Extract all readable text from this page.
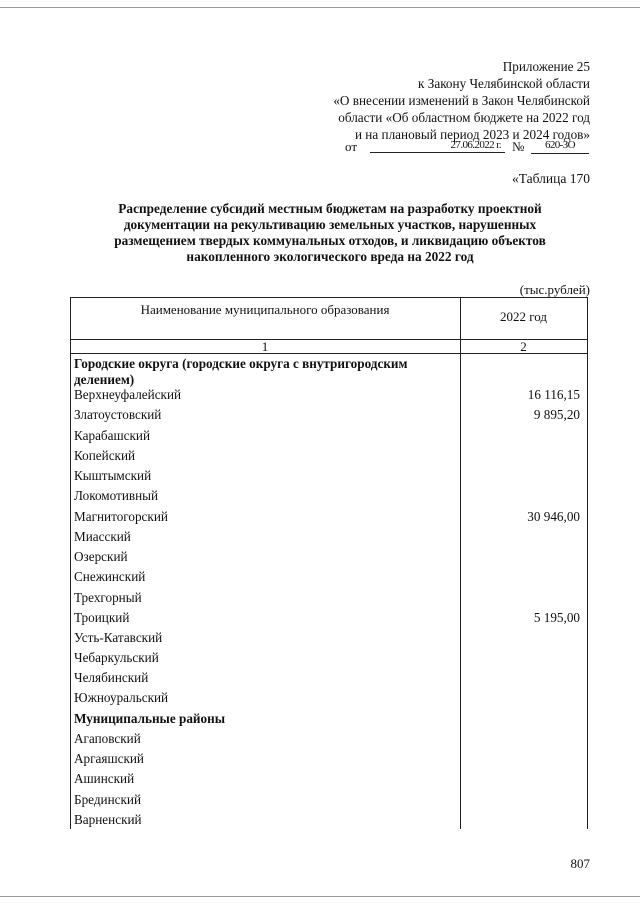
Приложение 25
к Закону Челябинской области
«О внесении изменений в Закон Челябинской
области «Об областном бюджете на 2022 год
и на плановый период 2023 и 2024 годов»
от	27.06.2022 г. №	620-ЗО
«Таблица 170
Распределение субсидий местным бюджетам на разработку проектной документации на рекультивацию земельных участков, нарушенных размещением твердых коммунальных отходов, и ликвидацию объектов накопленного экологического вреда на 2022 год
(тыс.рублей)
Наименование муниципального образования	2022 год
1	2
Городские округа (городские округа с внутригородским делением)
Верхнеуфалейский	16 116,15
Златоустовский	9 895,20
Карабашский
Копейский
Кыштымский
Локомотивный
Магнитогорский	30 946,00
Миасский
Озерский
Снежинский
Трехгорный
Троицкий	5 195,00
Усть-Катавский
Чебаркульский
Челябинский
Южноуральский
Муниципальные районы
Агаповский
Аргаяшский
Ашинский
Брединский
Варненский
807
